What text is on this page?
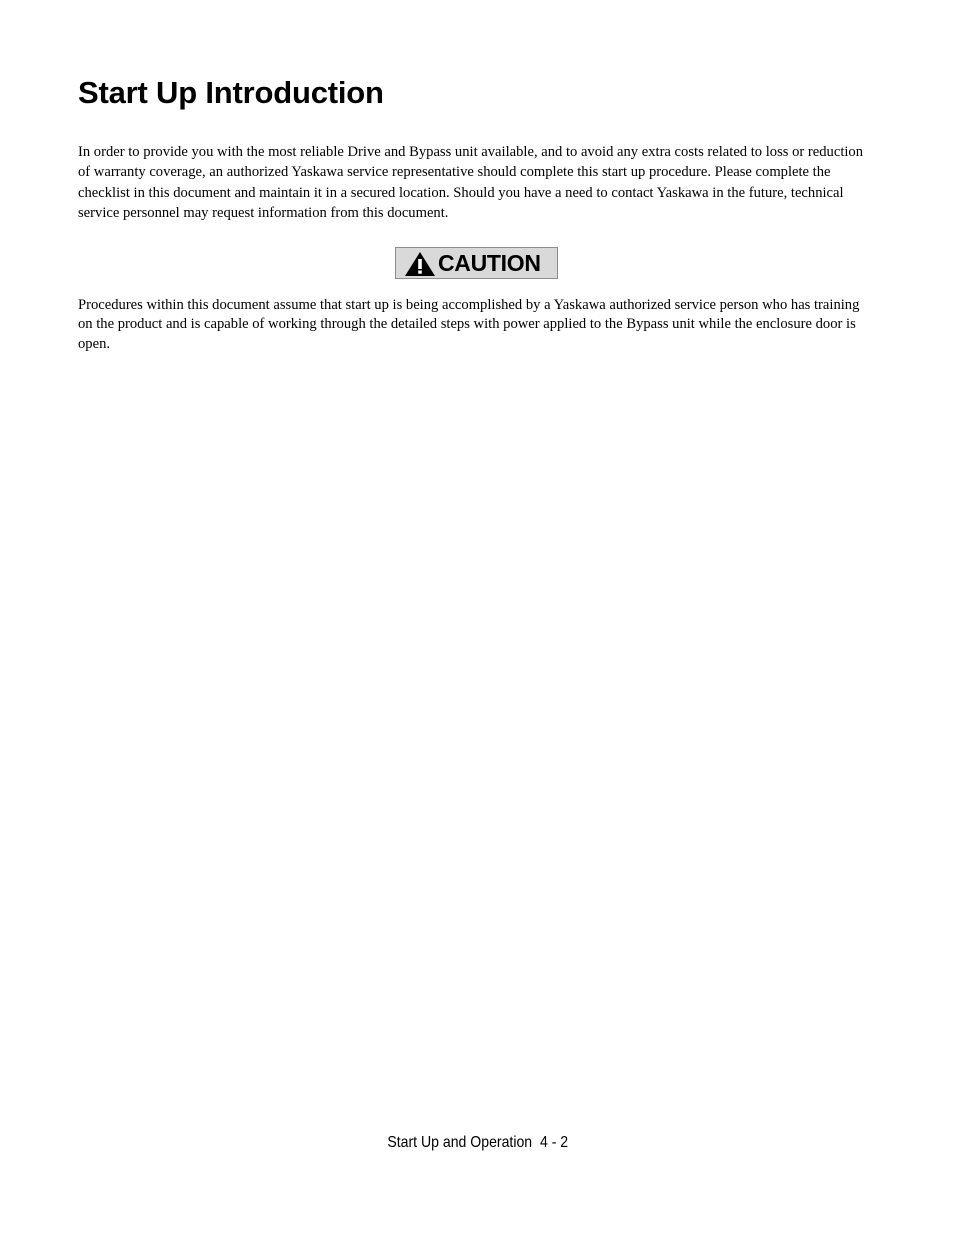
Start Up Introduction

In order to provide you with the most reliable Drive and Bypass unit available, and to avoid any extra costs related to loss or reduction of warranty coverage, an authorized Yaskawa service representative should complete this start up procedure. Please complete the checklist in this document and maintain it in a secured location. Should you have a need to contact Yaskawa in the future, technical service personnel may request information from this document.

CAUTION

Procedures within this document assume that start up is being accomplished by a Yaskawa authorized service person who has training on the product and is capable of working through the detailed steps with power applied to the Bypass unit while the enclosure door is open.

Start Up and Operation 4 - 2
